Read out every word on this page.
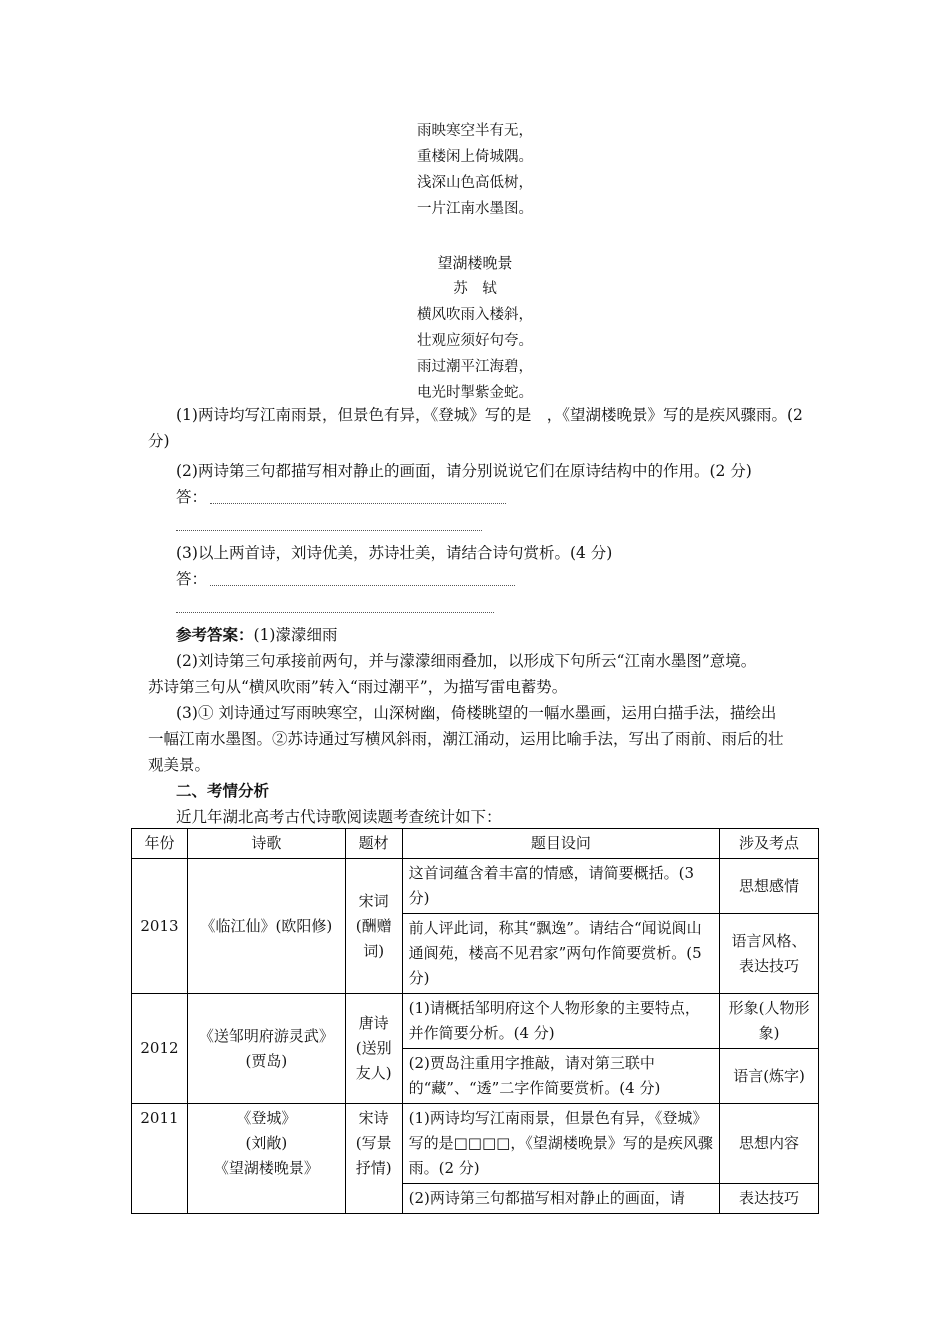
雨映寒空半有无，
重楼闲上倚城隅。
浅深山色高低树，
一片江南水墨图。
望湖楼晚景
苏　轼
横风吹雨入楼斜，
壮观应须好句夸。
雨过潮平江海碧，
电光时掣紫金蛇。
(1)两诗均写江南雨景，但景色有异，《登城》写的是　，《望湖楼晚景》写的是疾风骤雨。(2
分)
(2)两诗第三句都描写相对静止的画面，请分别说说它们在原诗结构中的作用。(2 分)
答：
(3)以上两首诗，刘诗优美，苏诗壮美，请结合诗句赏析。(4 分)
答：
参考答案：(1)濛濛细雨
(2)刘诗第三句承接前两句，并与濛濛细雨叠加，以形成下句所云“江南水墨图”意境。
苏诗第三句从“横风吹雨”转入“雨过潮平”，为描写雷电蓄势。
(3)① 刘诗通过写雨映寒空，山深树幽，倚楼眺望的一幅水墨画，运用白描手法，描绘出
一幅江南水墨图。②苏诗通过写横风斜雨，潮江涌动，运用比喻手法，写出了雨前、雨后的壮
观美景。
二、考情分析
近几年湖北高考古代诗歌阅读题考查统计如下：
年份	诗歌	题材	题目设问	涉及考点
2013	《临江仙》(欧阳修)	宋词(酬赠词)	这首词蕴含着丰富的情感，请简要概括。(3 分)	思想感情
			前人评此词，称其“飘逸”。请结合“闻说阆山通阆苑，楼高不见君家”两句作简要赏析。(5 分)	语言风格、表达技巧
2012	《送邹明府游灵武》
(贾岛)	唐诗(送别友人)	(1)请概括邹明府这个人物形象的主要特点，并作简要分析。(4 分)	形象(人物形象)
			(2)贾岛注重用字推敲，请对第三联中的“藏”、“透”二字作简要赏析。(4 分)	语言(炼字)
2011	《登城》
(刘敞)
《望湖楼晚景》	宋诗(写景抒情)	(1)两诗均写江南雨景，但景色有异，《登城》写的是□□□□，《望湖楼晚景》写的是疾风骤雨。(2 分)	思想内容
			(2)两诗第三句都描写相对静止的画面，请	表达技巧
